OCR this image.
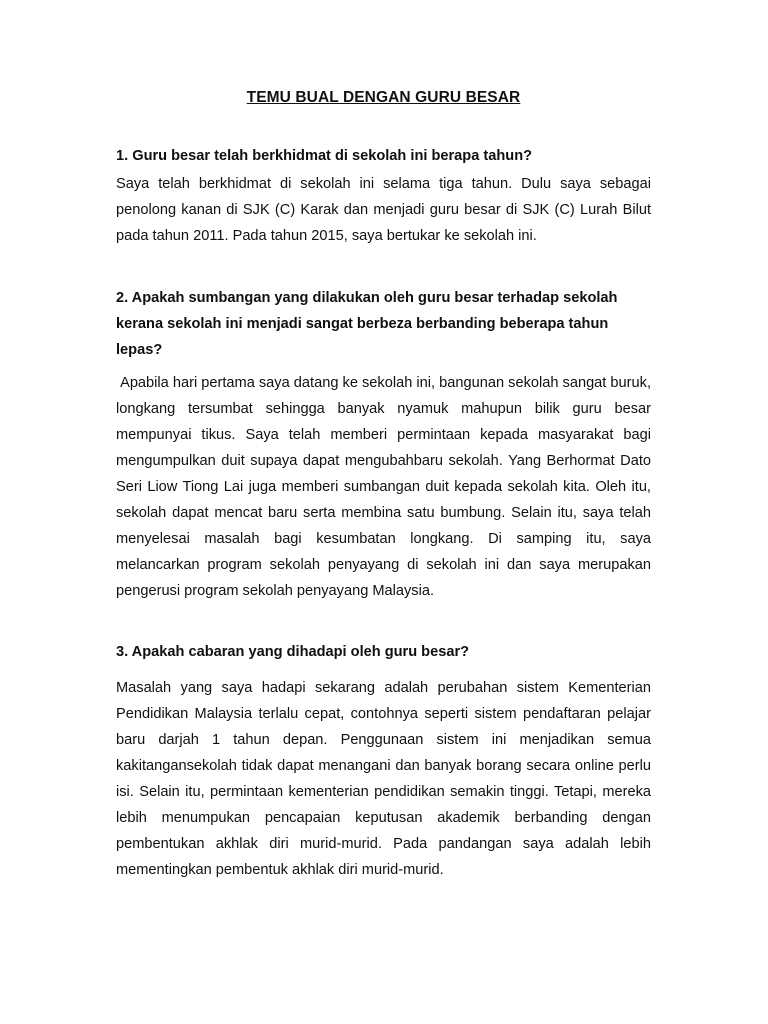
TEMU BUAL DENGAN GURU BESAR

1. Guru besar telah berkhidmat di sekolah ini berapa tahun?

Saya telah berkhidmat di sekolah ini selama tiga tahun. Dulu saya sebagai penolong kanan di SJK (C) Karak dan menjadi guru besar di SJK (C) Lurah Bilut pada tahun 2011. Pada tahun 2015, saya bertukar ke sekolah ini.

2. Apakah sumbangan yang dilakukan oleh guru besar terhadap sekolah kerana sekolah ini menjadi sangat berbeza berbanding beberapa tahun lepas?

Apabila hari pertama saya datang ke sekolah ini, bangunan sekolah sangat buruk, longkang tersumbat sehingga banyak nyamuk mahupun bilik guru besar mempunyai tikus. Saya telah memberi permintaan kepada masyarakat bagi mengumpulkan duit supaya dapat mengubahbaru sekolah. Yang Berhormat Dato Seri Liow Tiong Lai juga memberi sumbangan duit kepada sekolah kita. Oleh itu, sekolah dapat mencat baru serta membina satu bumbung. Selain itu, saya telah menyelesai masalah bagi kesumbatan longkang. Di samping itu, saya melancarkan program sekolah penyayang di sekolah ini dan saya merupakan pengerusi program sekolah penyayang Malaysia.

3. Apakah cabaran yang dihadapi oleh guru besar?

Masalah yang saya hadapi sekarang adalah perubahan sistem Kementerian Pendidikan Malaysia terlalu cepat, contohnya seperti sistem pendaftaran pelajar baru darjah 1 tahun depan. Penggunaan sistem ini menjadikan semua kakitangansekolah tidak dapat menangani dan banyak borang secara online perlu isi. Selain itu, permintaan kementerian pendidikan semakin tinggi. Tetapi, mereka lebih menumpukan pencapaian keputusan akademik berbanding dengan pembentukan akhlak diri murid-murid. Pada pandangan saya adalah lebih mementingkan pembentuk akhlak diri murid-murid.
